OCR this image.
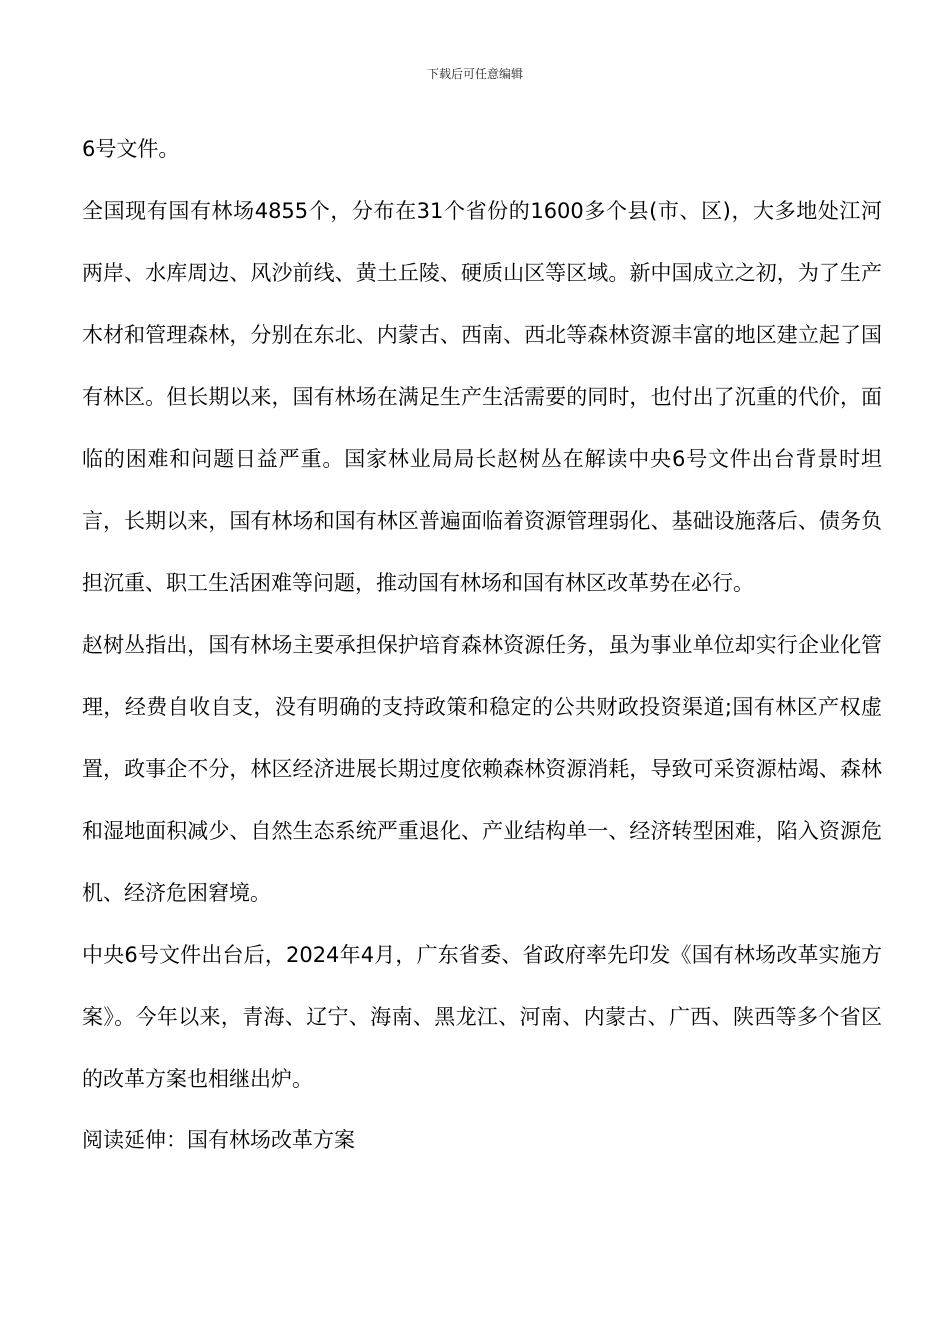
下载后可任意编辑

6号文件。

全国现有国有林场4855个，分布在31个省份的1600多个县(市、区)，大多地处江河两岸、水库周边、风沙前线、黄土丘陵、硬质山区等区域。新中国成立之初，为了生产木材和管理森林，分别在东北、内蒙古、西南、西北等森林资源丰富的地区建立起了国有林区。但长期以来，国有林场在满足生产生活需要的同时，也付出了沉重的代价，面临的困难和问题日益严重。国家林业局局长赵树丛在解读中央6号文件出台背景时坦言，长期以来，国有林场和国有林区普遍面临着资源管理弱化、基础设施落后、债务负担沉重、职工生活困难等问题，推动国有林场和国有林区改革势在必行。

赵树丛指出，国有林场主要承担保护培育森林资源任务，虽为事业单位却实行企业化管理，经费自收自支，没有明确的支持政策和稳定的公共财政投资渠道;国有林区产权虚置，政事企不分，林区经济进展长期过度依赖森林资源消耗，导致可采资源枯竭、森林和湿地面积减少、自然生态系统严重退化、产业结构单一、经济转型困难，陷入资源危机、经济危困窘境。

中央6号文件出台后，2024年4月，广东省委、省政府率先印发《国有林场改革实施方案》。今年以来，青海、辽宁、海南、黑龙江、河南、内蒙古、广西、陕西等多个省区的改革方案也相继出炉。

阅读延伸：国有林场改革方案
